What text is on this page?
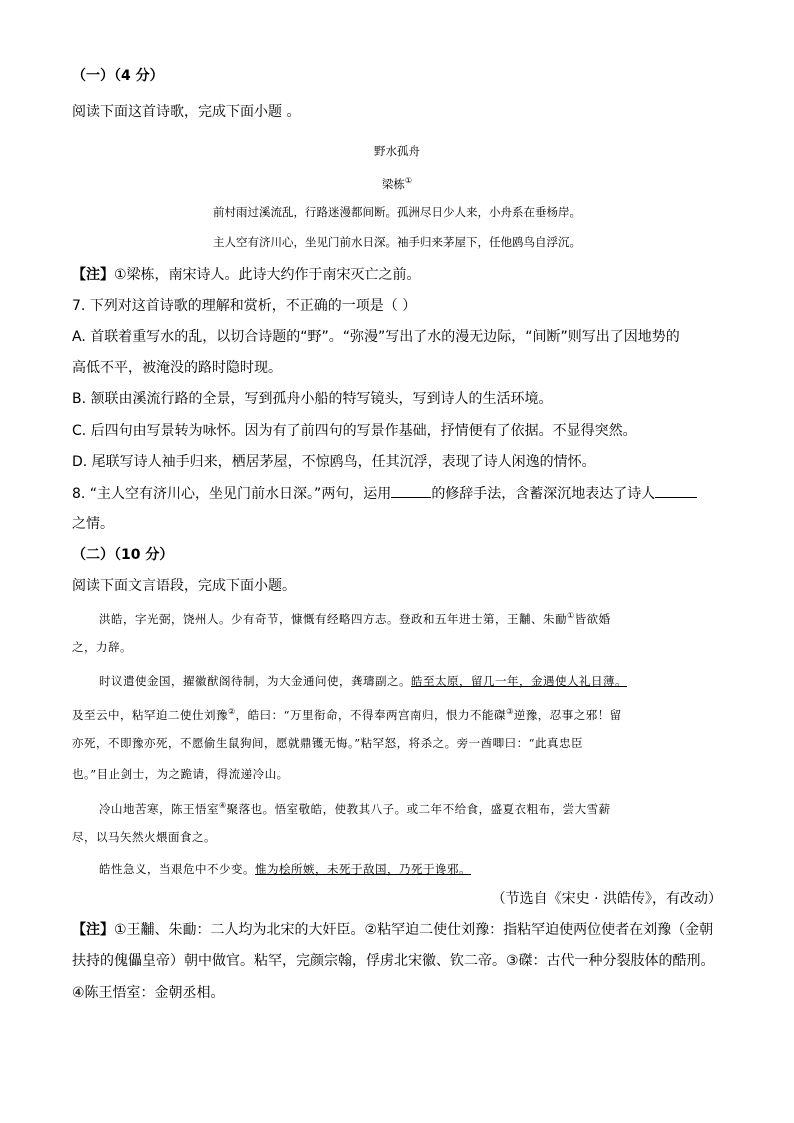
（一）（4 分）
阅读下面这首诗歌，完成下面小题 。
野水孤舟
梁栋①
前村雨过溪流乱，行路迷漫都间断。孤洲尽日少人来，小舟系在垂杨岸。
主人空有济川心，坐见门前水日深。袖手归来茅屋下，任他鸥鸟自浮沉。
【注】①梁栋，南宋诗人。此诗大约作于南宋灭亡之前。
7. 下列对这首诗歌的理解和赏析，不正确的一项是（ ）
A. 首联着重写水的乱，以切合诗题的“野”。“弥漫”写出了水的漫无边际，“间断”则写出了因地势的
高低不平，被淹没的路时隐时现。
B. 颔联由溪流行路的全景，写到孤舟小船的特写镜头，写到诗人的生活环境。
C. 后四句由写景转为咏怀。因为有了前四句的写景作基础，抒情便有了依据。不显得突然。
D. 尾联写诗人袖手归来，栖居茅屋，不惊鸥鸟，任其沉浮，表现了诗人闲逸的情怀。
8. “主人空有济川心，坐见门前水日深。”两句，运用	的修辞手法，含蓄深沉地表达了诗人
之情。
（二）（10 分）
阅读下面文言语段，完成下面小题。
洪皓，字光弼，饶州人。少有奇节，慷慨有经略四方志。登政和五年进士第，王黼、朱勔①皆欲婚
之，力辞。
时议遣使金国，擢徽猷阁待制，为大金通问使，龚璹副之。皓至太原，留几一年，金遇使人礼日薄。
及至云中，粘罕迫二使仕刘豫②，皓曰：“万里衔命，不得奉两宫南归，恨力不能磔③逆豫，忍事之邪！留
亦死，不即豫亦死，不愿偷生鼠狗间，愿就鼎镬无悔。”粘罕怒，将杀之。旁一酋唧曰：“此真忠臣
也。”目止剑士，为之跪请，得流递冷山。
冷山地苦寒，陈王悟室④聚落也。悟室敬皓，使教其八子。或二年不给食，盛夏衣粗布，尝大雪薪
尽，以马矢然火煨面食之。
皓性急义，当艰危中不少变。惟为桧所嫉，未死于敌国，乃死于谗邪。
（节选自《宋史 · 洪皓传》，有改动）
【注】①王黼、朱勔：二人均为北宋的大奸臣。②粘罕迫二使仕刘豫：指粘罕迫使两位使者在刘豫（金朝
扶持的傀儡皇帝）朝中做官。粘罕，完颜宗翰，俘虏北宋徽、钦二帝。③磔：古代一种分裂肢体的酷刑。
④陈王悟室：金朝丞相。
